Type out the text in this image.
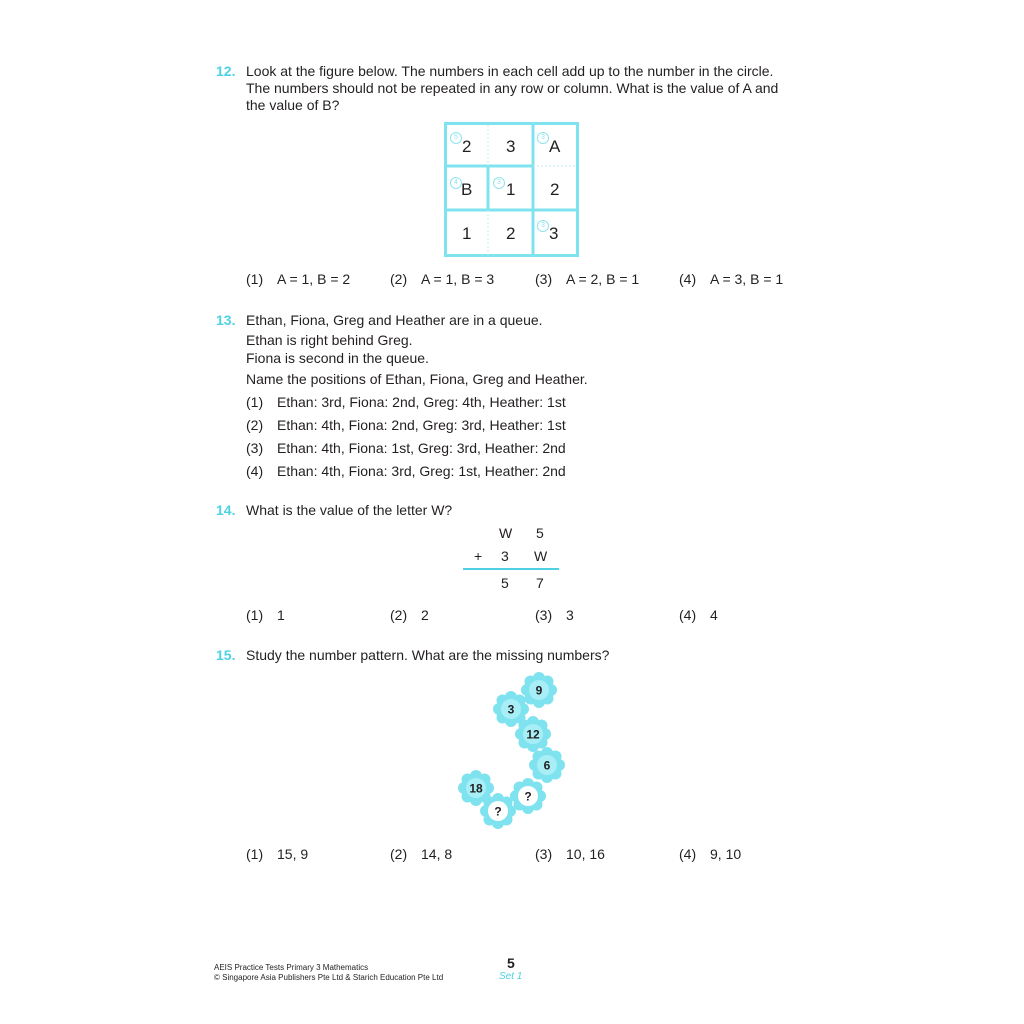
12. Look at the figure below. The numbers in each cell add up to the number in the circle.
The numbers should not be repeated in any row or column. What is the value of A and
the value of B?
5	3
4	3
3
2 3 A
B 1 2
1 2 3
(1) A = 1, B = 2	(2) A = 1, B = 3	(3) A = 2, B = 1	(4) A = 3, B = 1
13. Ethan, Fiona, Greg and Heather are in a queue.
Ethan is right behind Greg.
Fiona is second in the queue.
Name the positions of Ethan, Fiona, Greg and Heather.
(1) Ethan: 3rd, Fiona: 2nd, Greg: 4th, Heather: 1st
(2) Ethan: 4th, Fiona: 2nd, Greg: 3rd, Heather: 1st
(3) Ethan: 4th, Fiona: 1st, Greg: 3rd, Heather: 2nd
(4) Ethan: 4th, Fiona: 3rd, Greg: 1st, Heather: 2nd
14. What is the value of the letter W?
W 5
+ 3 W
5 7
(1) 1	(2) 2	(3) 3	(4) 4
15. Study the number pattern. What are the missing numbers?
9
3
12
6
?
18
?
(1) 15, 9	(2) 14, 8	(3) 10, 16	(4) 9, 10
AEIS Practice Tests Primary 3 Mathematics
© Singapore Asia Publishers Pte Ltd & Starich Education Pte Ltd
5
Set 1
